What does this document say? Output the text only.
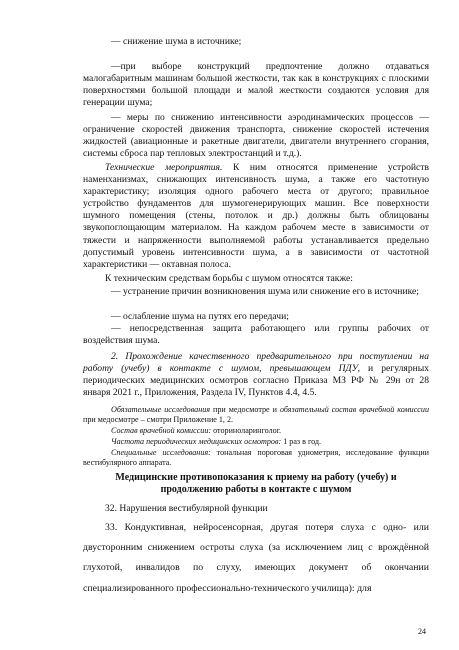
— снижение шума в источнике;

—при выборе конструкций предпочтение должно отдаваться малогабаритным машинам большой жесткости, так как в конструкциях с плоскими поверхностями большой площади и малой жесткости создаются условия для генерации шума;

— меры по снижению интенсивности аэродинамических процессов — ограничение скоростей движения транспорта, снижение скоростей истечения жидкостей (авиационные и ракетные двигатели, двигатели внутреннего сгорания, системы сброса пар тепловых электростанций и т.д.).

Технические мероприятия. К ним относятся применение устройств наменханизмах, снижающих интенсивность шума, а также его частотную характеристику; изоляция одного рабочего места от другого; правильное устройство фундаментов для шумогенерирующих машин. Все поверхности шумного помещения (стены, потолок и др.) должны быть облицованы звукопоглощающим материалом. На каждом рабочем месте в зависимости от тяжести и напряженности выполняемой работы устанавливается предельно допустимый уровень интенсивности шума, а в зависимости от частотной характеристики — октавная полоса.

К техническим средствам борьбы с шумом относятся также:

— устранение причин возникновения шума или снижение его в источнике;

— ослабление шума на путях его передачи;

— непосредственная защита работающего или группы рабочих от воздействия шума.

2. Прохождение качественного предварительного при поступлении на работу (учебу) в контакте с шумом, превышающем ПДУ, и регулярных периодических медицинских осмотров согласно Приказа МЗ РФ № 29н от 28 января 2021 г., Приложения, Раздела IV, Пунктов 4.4, 4.5.

Обязательные исследования при медосмотре и обязательный состав врачебной комиссии при медосмотре – смотри Приложение 1, 2.

Состав врачебной комиссии: оториноларинголог.

Частота периодических медицинских осмотров: 1 раз в год.

Специальные исследования: тональная пороговая удиометрия, исследование функции вестибулярного аппарата.

Медицинские противопоказания к приему на работу (учебу) и продолжению работы в контакте с шумом

32. Нарушения вестибулярной функции

33. Кондуктивная, нейросенсорная, другая потеря слуха с одно- или двусторонним снижением остроты слуха (за исключением лиц с врождённой глухотой, инвалидов по слуху, имеющих документ об окончании специализированного профессионально-технического училища): для

24
